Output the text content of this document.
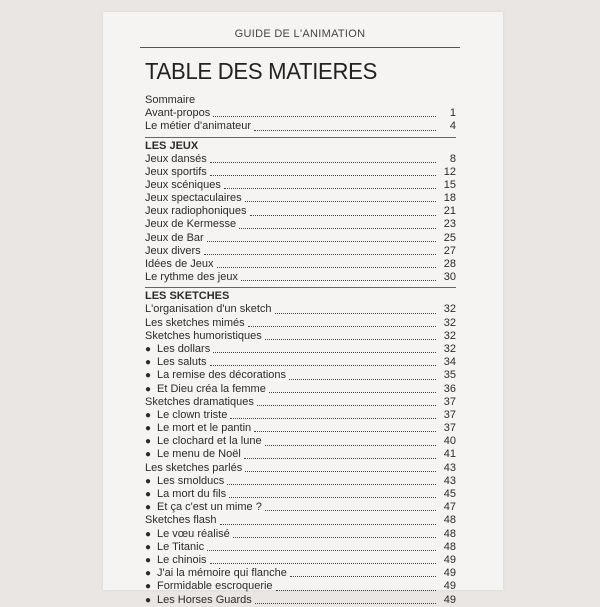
GUIDE DE L'ANIMATION
TABLE DES MATIERES
Sommaire
Avant-propos	1
Le métier d'animateur	4
LES JEUX
Jeux dansés	8
Jeux sportifs	12
Jeux scéniques	15
Jeux spectaculaires	18
Jeux radiophoniques	21
Jeux de Kermesse	23
Jeux de Bar	25
Jeux divers	27
Idées de Jeux	28
Le rythme des jeux	30
LES SKETCHES
L'organisation d'un sketch	32
Les sketches mimés	32
Sketches humoristiques	32
● Les dollars	32
● Les saluts	34
● La remise des décorations	35
● Et Dieu créa la femme	36
Sketches dramatiques	37
● Le clown triste	37
● Le mort et le pantin	37
● Le clochard et la lune	40
● Le menu de Noël	41
Les sketches parlés	43
● Les smolducs	43
● La mort du fils	45
● Et ça c'est un mime ?	47
Sketches flash	48
● Le vœu réalisé	48
● Le Titanic	48
● Le chinois	49
● J'ai la mémoire qui flanche	49
● Formidable escroquerie	49
● Les Horses Guards	49
